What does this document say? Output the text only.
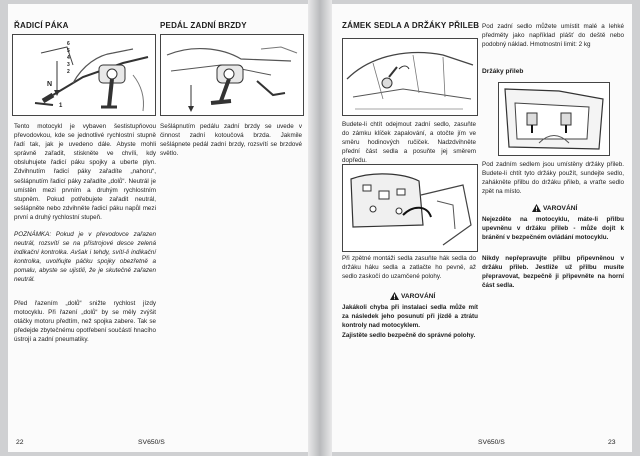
ŘADICÍ PÁKA	PEDÁL ZADNÍ BRZDY
6
5
4
3
2
N
1
Tento motocykl je vybaven šestistupňovou převodovkou, kde se jednotlivé rychlostní stupně řadí tak, jak je uvedeno dále. Abyste mohli správně zařadit, stiskněte ve chvíli, kdy obsluhujete řadicí páku spojky a uberte plyn. Zdvihnutím řadicí páky zařadíte „nahoru“, sešlápnutím řadicí páky zařadíte „dolů“. Neutrál je umístěn mezi prvním a druhým rychlostním stupněm. Pokud potřebujete zařadit neutrál, sešlápněte nebo zdvihněte řadicí páku napůl mezi první a druhý rychlostní stupeň.
POZNÁMKA: Pokud je v převodovce zařazen neutrál, rozsvítí se na přístrojové desce zelená indikační kontrolka. Avšak i tehdy, svítí-li indikační kontrolka, uvolňujte páčku spojky obezřetně a pomalu, abyste se ujistili, že je skutečně zařazen neutrál.
Před řazením „dolů“ snižte rychlost jízdy motocyklu. Při řazení „dolů“ by se měly zvýšit otáčky motoru předtím, než spojka zabere. Tak se předejde zbytečnému opotřebení součástí hnacího ústrojí a zadní pneumatiky.
Sešlápnutím pedálu zadní brzdy se uvede v činnost zadní kotoučová brzda. Jakmile sešlápnete pedál zadní brzdy, rozsvítí se brzdové světlo.
22	SV650/S
ZÁMEK SEDLA A DRŽÁKY PŘILEB
Budete-li chtít odejmout zadní sedlo, zasuňte do zámku klíček zapalování, a otočte jím ve směru hodinových ručiček. Nadzdvihněte přední část sedla a posuňte jej směrem dopředu.
Při zpětné montáži sedla zasuňte hák sedla do držáku háku sedla a zatlačte ho pevně, až sedlo zaskočí do uzamčené polohy.
VAROVÁNÍ
Jakákoli chyba při instalaci sedla může mít za následek jeho posunutí při jízdě a ztrátu kontroly nad motocyklem.
Zajistěte sedlo bezpečně do správné polohy.
Pod zadní sedlo můžete umístit malé a lehké předměty jako například plášť do deště nebo podobný náklad. Hmotnostní limit: 2 kg
Držáky přileb
Pod zadním sedlem jsou umístěny držáky přileb. Budete-li chtít tyto držáky použít, sundejte sedlo, zahákněte přilbu do držáku přileb, a vraťte sedlo zpět na místo.
VAROVÁNÍ
Nejezděte na motocyklu, máte-li přilbu upevněnu v držáku přileb - může dojít k bránění v bezpečném ovládání motocyklu.
Nikdy nepřepravujte přilbu připevněnou v držáku přileb. Jestliže už přilbu musíte přepravovat, bezpečně ji připevněte na horní část sedla.
SV650/S	23
